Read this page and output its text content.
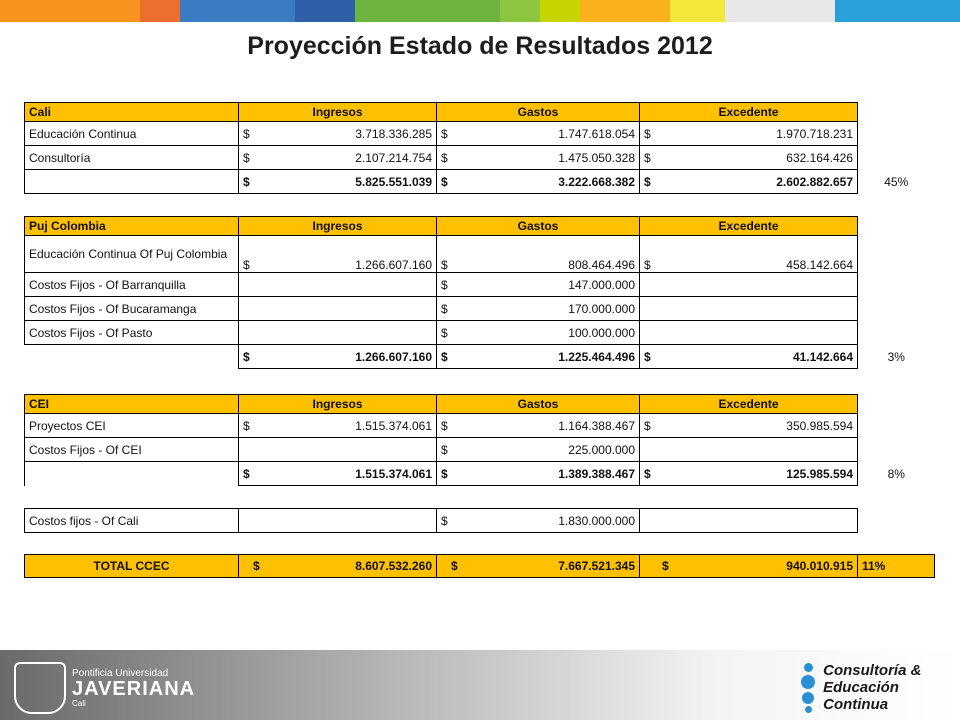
Proyección Estado de Resultados 2012
Cali	Ingresos	Gastos	Excedente	
Educación Continua	$ 3.718.336.285	$ 1.747.618.054	$ 1.970.718.231	
Consultoría	$ 2.107.214.754	$ 1.475.050.328	$ 632.164.426	

	$ 5.825.551.039	$ 3.222.668.382	$ 2.602.882.657	45%
Puj Colombia	Ingresos	Gastos	Excedente	
Educación Continua Of Puj Colombia	$ 1.266.607.160	$ 808.464.496	$ 458.142.664	
Costos Fijos - Of Barranquilla		$ 147.000.000		
Costos Fijos - Of Bucaramanga		$ 170.000.000		
Costos Fijos - Of Pasto		$ 100.000.000		

	$ 1.266.607.160	$ 1.225.464.496	$ 41.142.664	3%
CEI	Ingresos	Gastos	Excedente	
Proyectos CEI	$ 1.515.374.061	$ 1.164.388.467	$ 350.985.594	
Costos Fijos - Of CEI		$ 225.000.000		

	$ 1.515.374.061	$ 1.389.388.467	$ 125.985.594	8%
Costos fijos - Of Cali		$	1.830.000.000	
TOTAL CCEC	$	8.607.532.260	$	7.667.521.345	$	940.010.915	11%
Pontificia Universidad
JAVERIANA
Cali
Consultoría &
Educación Continua
